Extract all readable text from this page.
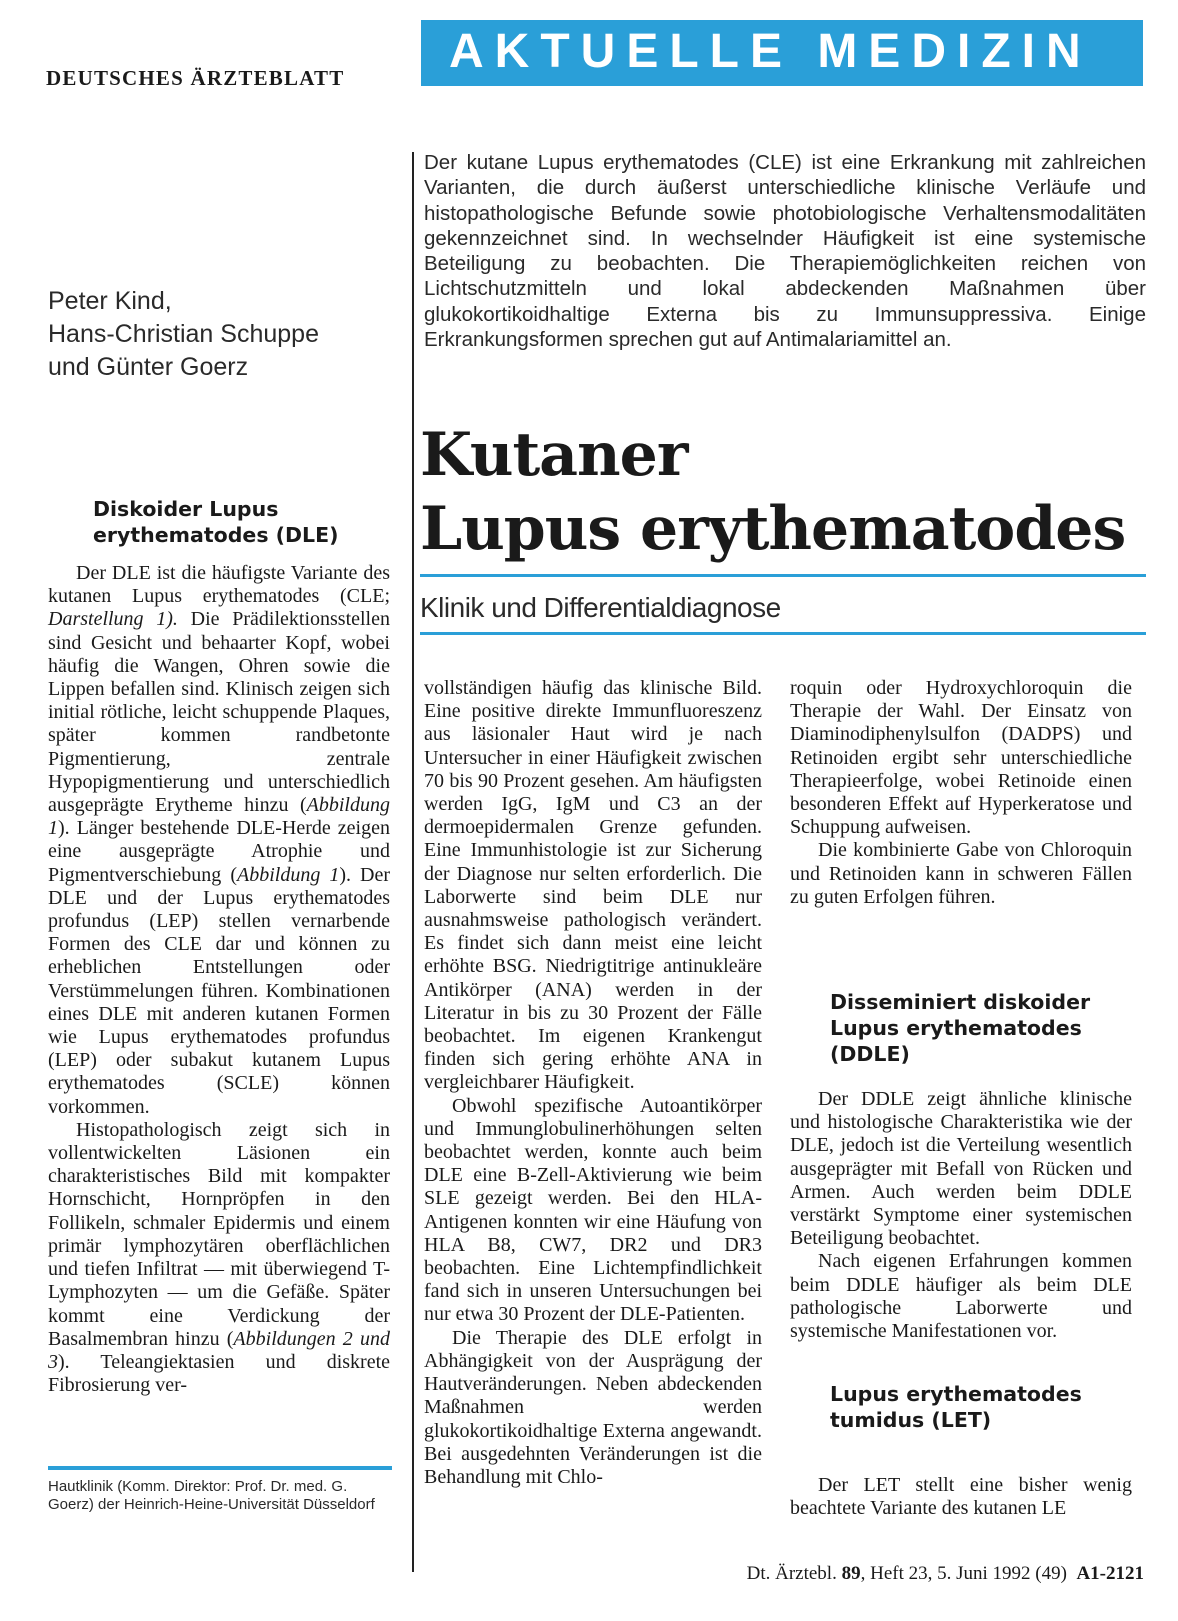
DEUTSCHES ÄRZTEBLATT	AKTUELLE MEDIZIN
Peter Kind,
Hans-Christian Schuppe
und Günter Goerz
Der kutane Lupus erythematodes (CLE) ist eine Erkrankung mit zahlreichen Varianten, die durch äußerst unterschiedliche klinische Verläufe und histopathologische Befunde sowie photobiologische Verhaltensmodalitäten gekennzeichnet sind. In wechselnder Häufigkeit ist eine systemische Beteiligung zu beobachten. Die Therapiemöglichkeiten reichen von Lichtschutzmitteln und lokal abdeckenden Maßnahmen über glukokortikoidhaltige Externa bis zu Immunsuppressiva. Einige Erkrankungsformen sprechen gut auf Antimalariamittel an.
Kutaner
Lupus erythematodes
Klinik und Differentialdiagnose
Diskoider Lupus erythematodes (DLE)

Der DLE ist die häufigste Variante des kutanen Lupus erythematodes (CLE; Darstellung 1). Die Prädilektionsstellen sind Gesicht und behaarter Kopf, wobei häufig die Wangen, Ohren sowie die Lippen befallen sind. Klinisch zeigen sich initial rötliche, leicht schuppende Plaques, später kommen randbetonte Pigmentierung, zentrale Hypopigmentierung und unterschiedlich ausgeprägte Erytheme hinzu (Abbildung 1). Länger bestehende DLE-Herde zeigen eine ausgeprägte Atrophie und Pigmentverschiebung (Abbildung 1). Der DLE und der Lupus erythematodes profundus (LEP) stellen vernarbende Formen des CLE dar und können zu erheblichen Entstellungen oder Verstümmelungen führen. Kombinationen eines DLE mit anderen kutanen Formen wie Lupus erythematodes profundus (LEP) oder subakut kutanem Lupus erythematodes (SCLE) können vorkommen.

Histopathologisch zeigt sich in vollentwickelten Läsionen ein charakteristisches Bild mit kompakter Hornschicht, Hornpröpfen in den Follikeln, schmaler Epidermis und einem primär lymphozytären oberflächlichen und tiefen Infiltrat — mit überwiegend T-Lymphozyten — um die Gefäße. Später kommt eine Verdickung der Basalmembran hinzu (Abbildungen 2 und 3). Teleangiektasien und diskrete Fibrosierung ver-

Hautklinik (Komm. Direktor: Prof. Dr. med. G. Goerz) der Heinrich-Heine-Universität Düsseldorf

vollständigen häufig das klinische Bild. Eine positive direkte Immunfluoreszenz aus läsionaler Haut wird je nach Untersucher in einer Häufigkeit zwischen 70 bis 90 Prozent gesehen. Am häufigsten werden IgG, IgM und C3 an der dermoepidermalen Grenze gefunden. Eine Immunhistologie ist zur Sicherung der Diagnose nur selten erforderlich. Die Laborwerte sind beim DLE nur ausnahmsweise pathologisch verändert. Es findet sich dann meist eine leicht erhöhte BSG. Niedrigtitrige antinukleäre Antikörper (ANA) werden in der Literatur in bis zu 30 Prozent der Fälle beobachtet. Im eigenen Krankengut finden sich gering erhöhte ANA in vergleichbarer Häufigkeit.

Obwohl spezifische Autoantikörper und Immunglobulinerhöhungen selten beobachtet werden, konnte auch beim DLE eine B-Zell-Aktivierung wie beim SLE gezeigt werden. Bei den HLA-Antigenen konnten wir eine Häufung von HLA B8, CW7, DR2 und DR3 beobachten. Eine Lichtempfindlichkeit fand sich in unseren Untersuchungen bei nur etwa 30 Prozent der DLE-Patienten.

Die Therapie des DLE erfolgt in Abhängigkeit von der Ausprägung der Hautveränderungen. Neben abdeckenden Maßnahmen werden glukokortikoidhaltige Externa angewandt. Bei ausgedehnten Veränderungen ist die Behandlung mit Chlo-

roquin oder Hydroxychloroquin die Therapie der Wahl. Der Einsatz von Diaminodiphenylsulfon (DADPS) und Retinoiden ergibt sehr unterschiedliche Therapieerfolge, wobei Retinoide einen besonderen Effekt auf Hyperkeratose und Schuppung aufweisen.

Die kombinierte Gabe von Chloroquin und Retinoiden kann in schweren Fällen zu guten Erfolgen führen.

Disseminiert diskoider Lupus erythematodes (DDLE)

Der DDLE zeigt ähnliche klinische und histologische Charakteristika wie der DLE, jedoch ist die Verteilung wesentlich ausgeprägter mit Befall von Rücken und Armen. Auch werden beim DDLE verstärkt Symptome einer systemischen Beteiligung beobachtet.

Nach eigenen Erfahrungen kommen beim DDLE häufiger als beim DLE pathologische Laborwerte und systemische Manifestationen vor.

Lupus erythematodes tumidus (LET)

Der LET stellt eine bisher wenig beachtete Variante des kutanen LE

Dt. Ärztebl. 89, Heft 23, 5. Juni 1992 (49) A1-2121
